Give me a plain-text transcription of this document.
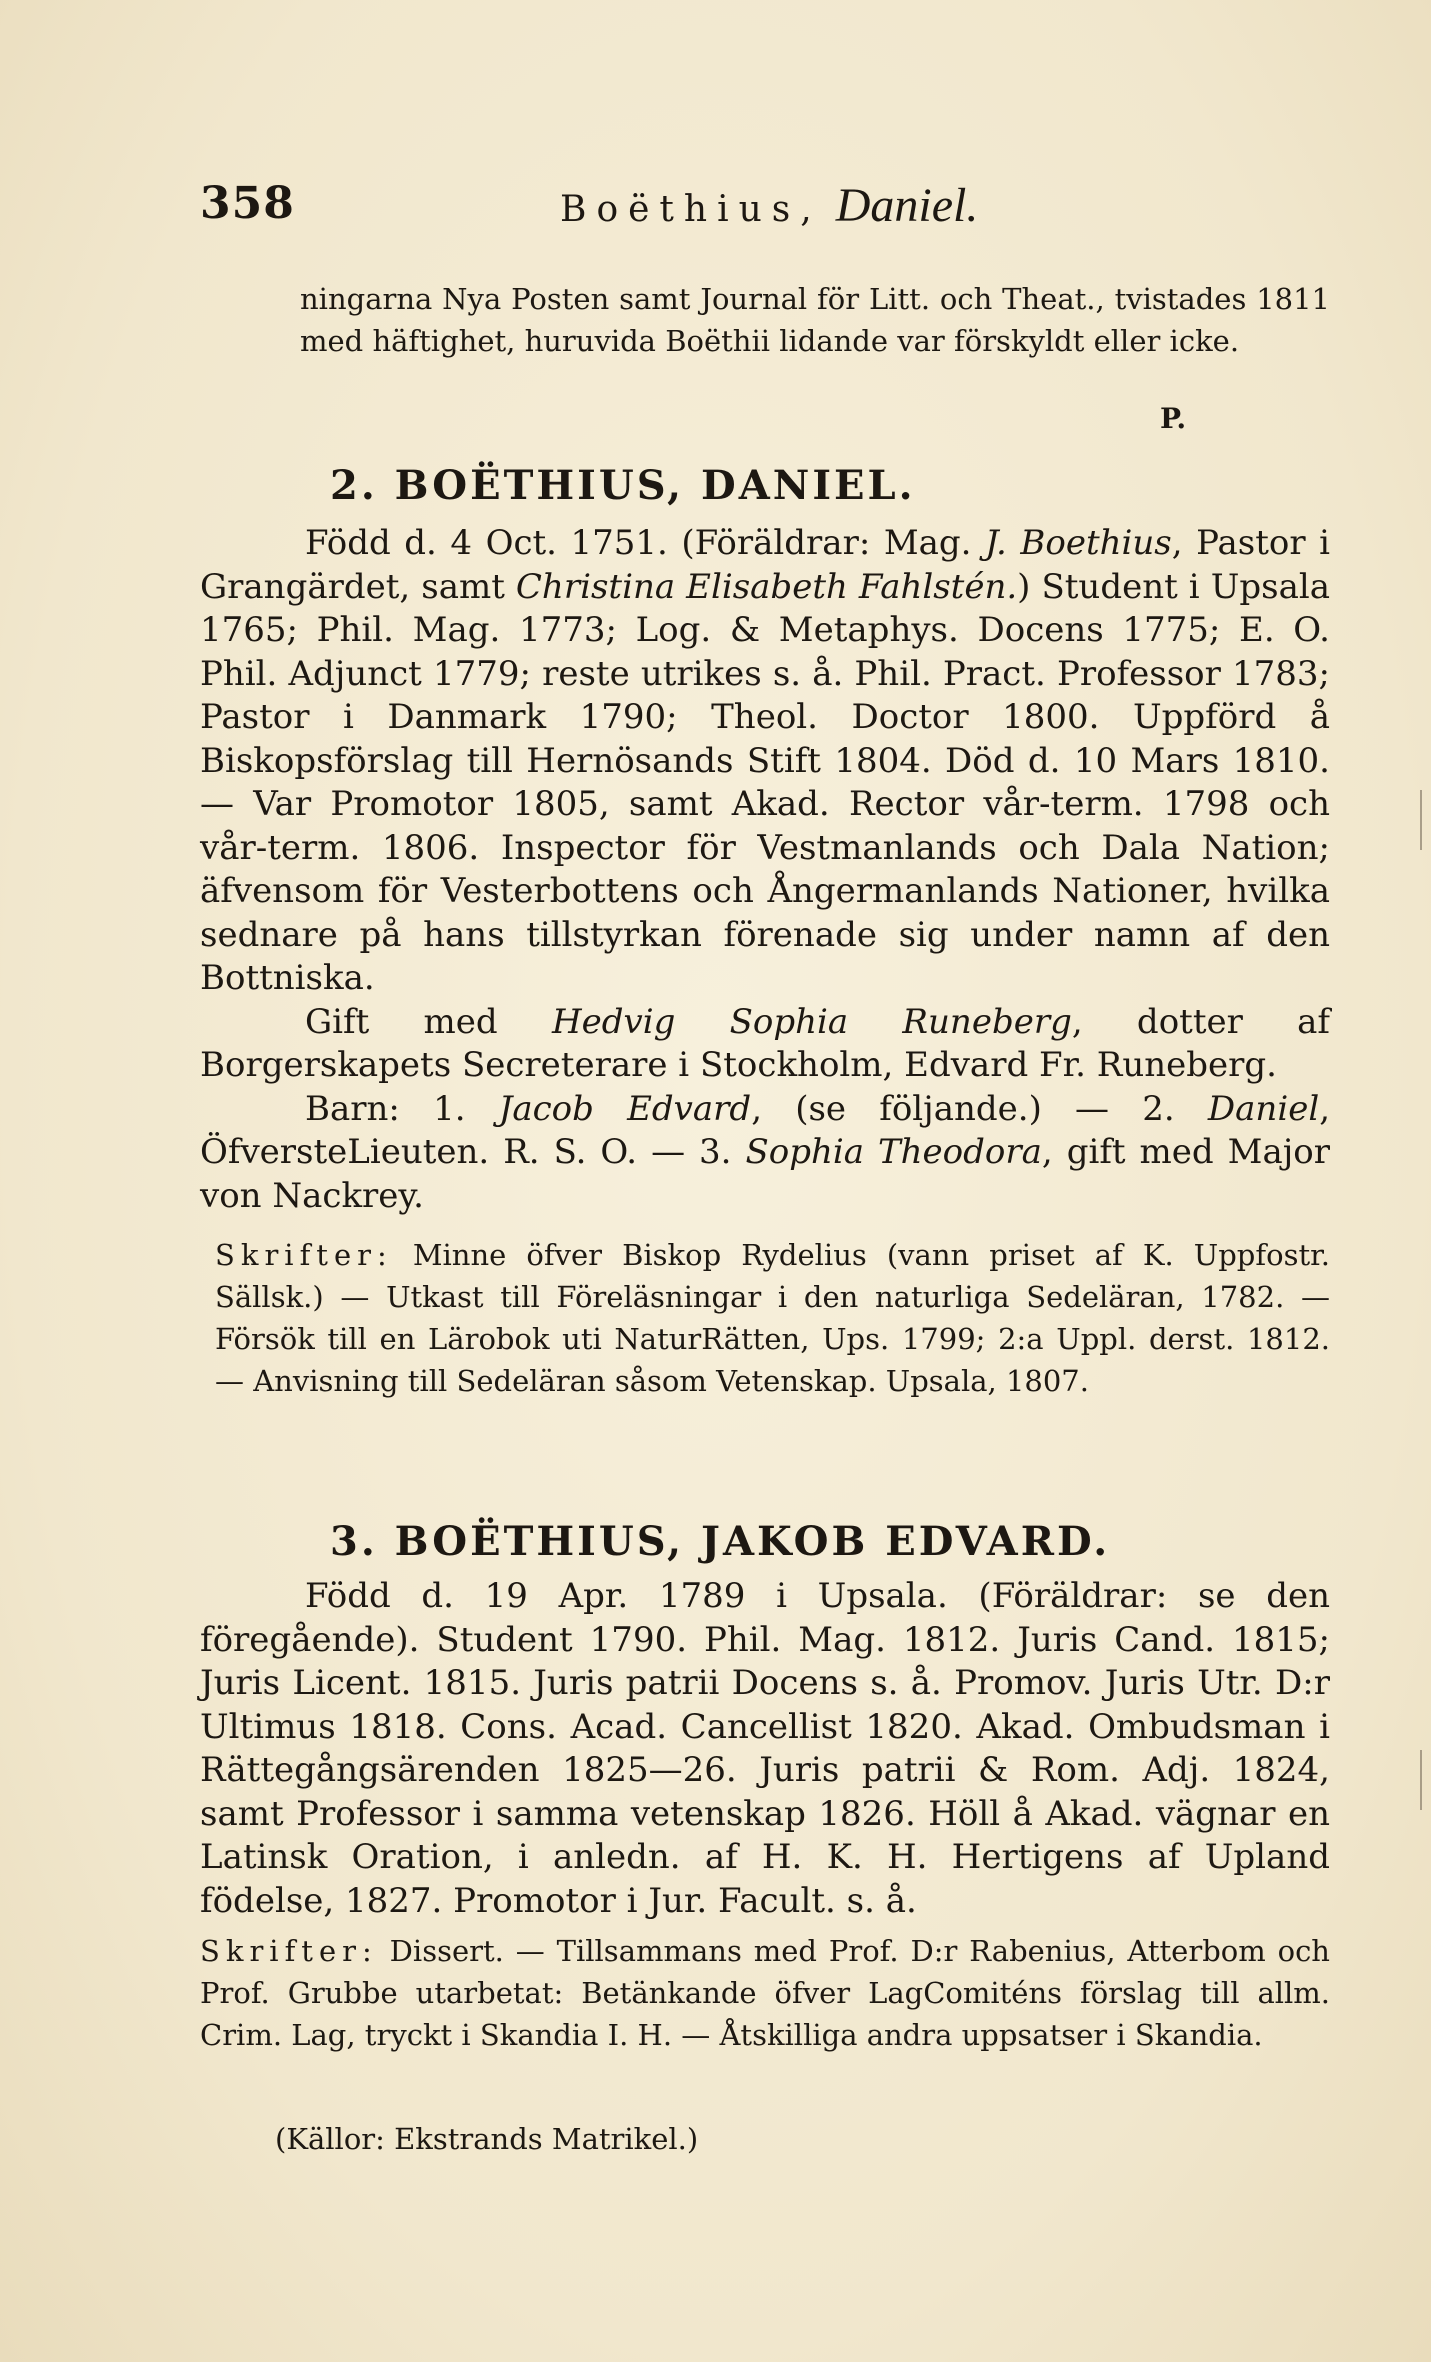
358	Boëthius, Daniel.

ningarna Nya Posten samt Journal för Litt. och Theat., tvistades 1811 med häftighet, huruvida Boëthii lidande var förskyldt eller icke.

P.
2. BOËTHIUS, DANIEL.

Född d. 4 Oct. 1751. (Föräldrar: Mag. J. Boethius, Pastor i Grangärdet, samt Christina Elisabeth Fahlstén.) Student i Upsala 1765; Phil. Mag. 1773; Log. & Metaphys. Docens 1775; E. O. Phil. Adjunct 1779; reste utrikes s. å. Phil. Pract. Professor 1783; Pastor i Danmark 1790; Theol. Doctor 1800. Uppförd å Biskopsförslag till Hernösands Stift 1804. Död d. 10 Mars 1810. — Var Promotor 1805, samt Akad. Rector vår-term. 1798 och vår-term. 1806. Inspector för Vestmanlands och Dala Nation; äfvensom för Vesterbottens och Ångermanlands Nationer, hvilka sednare på hans tillstyrkan förenade sig under namn af den Bottniska.

Gift med Hedvig Sophia Runeberg, dotter af Borgerskapets Secreterare i Stockholm, Edvard Fr. Runeberg.

Barn: 1. Jacob Edvard, (se följande.) — 2. Daniel, ÖfversteLieuten. R. S. O. — 3. Sophia Theodora, gift med Major von Nackrey.

Skrifter: Minne öfver Biskop Rydelius (vann priset af K. Uppfostr. Sällsk.) — Utkast till Föreläsningar i den naturliga Sedeläran, 1782. — Försök till en Lärobok uti NaturRätten, Ups. 1799; 2:a Uppl. derst. 1812. — Anvisning till Sedeläran såsom Vetenskap. Upsala, 1807.

3. BOËTHIUS, JAKOB EDVARD.

Född d. 19 Apr. 1789 i Upsala. (Föräldrar: se den föregående). Student 1790. Phil. Mag. 1812. Juris Cand. 1815; Juris Licent. 1815. Juris patrii Docens s. å. Promov. Juris Utr. D:r Ultimus 1818. Cons. Acad. Cancellist 1820. Akad. Ombudsman i Rättegångsärenden 1825—26. Juris patrii & Rom. Adj. 1824, samt Professor i samma vetenskap 1826. Höll å Akad. vägnar en Latinsk Oration, i anledn. af H. K. H. Hertigens af Upland födelse, 1827. Promotor i Jur. Facult. s. å.

Skrifter: Dissert. — Tillsammans med Prof. D:r Rabenius, Atterbom och Prof. Grubbe utarbetat: Betänkande öfver LagComiténs förslag till allm. Crim. Lag, tryckt i Skandia I. H. — Åtskilliga andra uppsatser i Skandia.

(Källor: Ekstrands Matrikel.)
